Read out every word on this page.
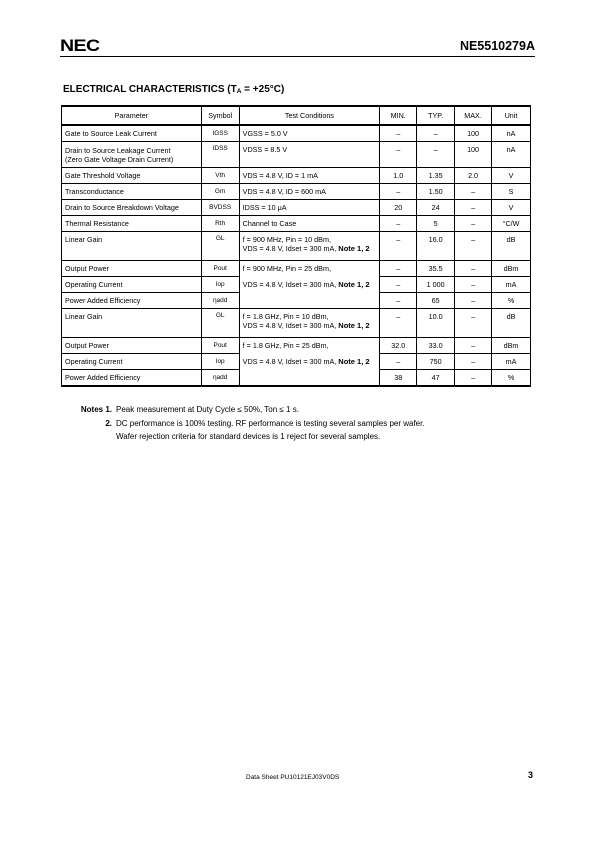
NEC	NE5510279A
ELECTRICAL CHARACTERISTICS $(T_A = +25^\circ C)$
Parameter	Symbol	Test Conditions	MIN.	TYP.	MAX.	Unit
Gate to Source Leak Current	IGSS	VGSS = 5.0 V	–	–	100	nA

Drain to Source Leakage Current
(Zero Gate Voltage Drain Current)	IDSS	VDSS = 8.5 V	–	–	100	nA
Gate Threshold Voltage	Vth	VDS = 4.8 V, ID = 1 mA	1.0	1.35	2.0	V
Transconductance	Gm	VDS = 4.8 V, ID = 600 mA	–	1.50	–	S
Drain to Source Breakdown Voltage	BVDSS	IDSS = 10 μA	20	24	–	V
Thermal Resistance	Rth	Channel to Case	–	5	–	°C/W
Linear Gain	GL	f = 900 MHz, Pin = 10 dBm,
VDS = 4.8 V, Idset = 300 mA, Note 1, 2	–	16.0	–	dB
Output Power	Pout	f = 900 MHz, Pin = 25 dBm,	–	35.5	–	dBm
Operating Current	Iop	VDS = 4.8 V, Idset = 300 mA, Note 1, 2	–	1 000	–	mA
Power Added Efficiency	ηadd		–	65	–	%
Linear Gain	GL	f = 1.8 GHz, Pin = 10 dBm,
VDS = 4.8 V, Idset = 300 mA, Note 1, 2	–	10.0	–	dB
Output Power	Pout	f = 1.8 GHz, Pin = 25 dBm,	32.0	33.0	–	dBm
Operating Current	Iop	VDS = 4.8 V, Idset = 300 mA, Note 1, 2	–	750	–	mA
Power Added Efficiency	ηadd		38	47	–	%
Notes 1. Peak measurement at Duty Cycle ≤ 50%, Ton ≤ 1 s.
2. DC performance is 100% testing. RF performance is testing several samples per wafer.
Wafer rejection criteria for standard devices is 1 reject for several samples.
Data Sheet PU10121EJ03V0DS	3
